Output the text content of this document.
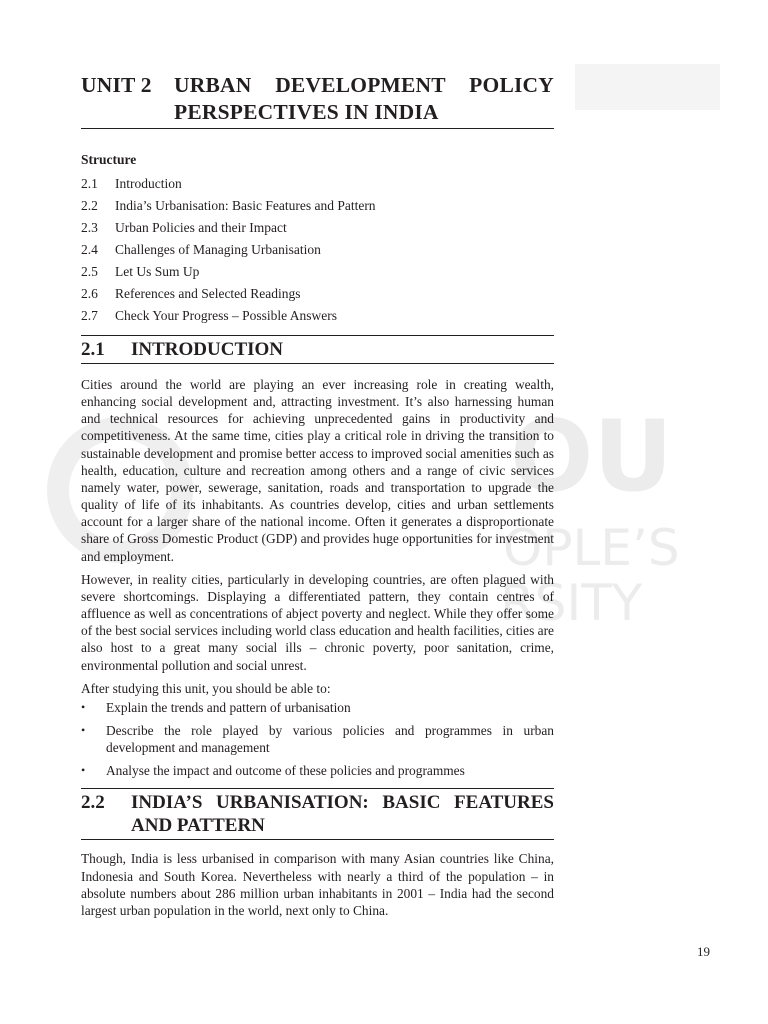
OU
OPLE’S
RSITY
UNIT 2	URBAN DEVELOPMENT POLICY
PERSPECTIVES IN INDIA
Structure
2.1	Introduction
2.2	India’s Urbanisation: Basic Features and Pattern
2.3	Urban Policies and their Impact
2.4	Challenges of Managing Urbanisation
2.5	Let Us Sum Up
2.6	References and Selected Readings
2.7	Check Your Progress – Possible Answers
2.1	INTRODUCTION

Cities around the world are playing an ever increasing role in creating wealth, enhancing social development and, attracting investment. It’s also harnessing human and technical resources for achieving unprecedented gains in productivity and competitiveness. At the same time, cities play a critical role in driving the transition to sustainable development and promise better access to improved social amenities such as health, education, culture and recreation among others and a range of civic services namely water, power, sewerage, sanitation, roads and transportation to upgrade the quality of life of its inhabitants. As countries develop, cities and urban settlements account for a larger share of the national income. Often it generates a disproportionate share of Gross Domestic Product (GDP) and provides huge opportunities for investment and employment.

However, in reality cities, particularly in developing countries, are often plagued with severe shortcomings. Displaying a differentiated pattern, they contain centres of affluence as well as concentrations of abject poverty and neglect. While they offer some of the best social services including world class education and health facilities, cities are also host to a great many social ills – chronic poverty, poor sanitation, crime, environmental pollution and social unrest.

After studying this unit, you should be able to:

•	Explain the trends and pattern of urbanisation
•	Describe the role played by various policies and programmes in urban development and management
•	Analyse the impact and outcome of these policies and programmes
2.2	INDIA’S URBANISATION: BASIC FEATURES
AND PATTERN

Though, India is less urbanised in comparison with many Asian countries like China, Indonesia and South Korea. Nevertheless with nearly a third of the population – in absolute numbers about 286 million urban inhabitants in 2001 – India had the second largest urban population in the world, next only to China.

19
